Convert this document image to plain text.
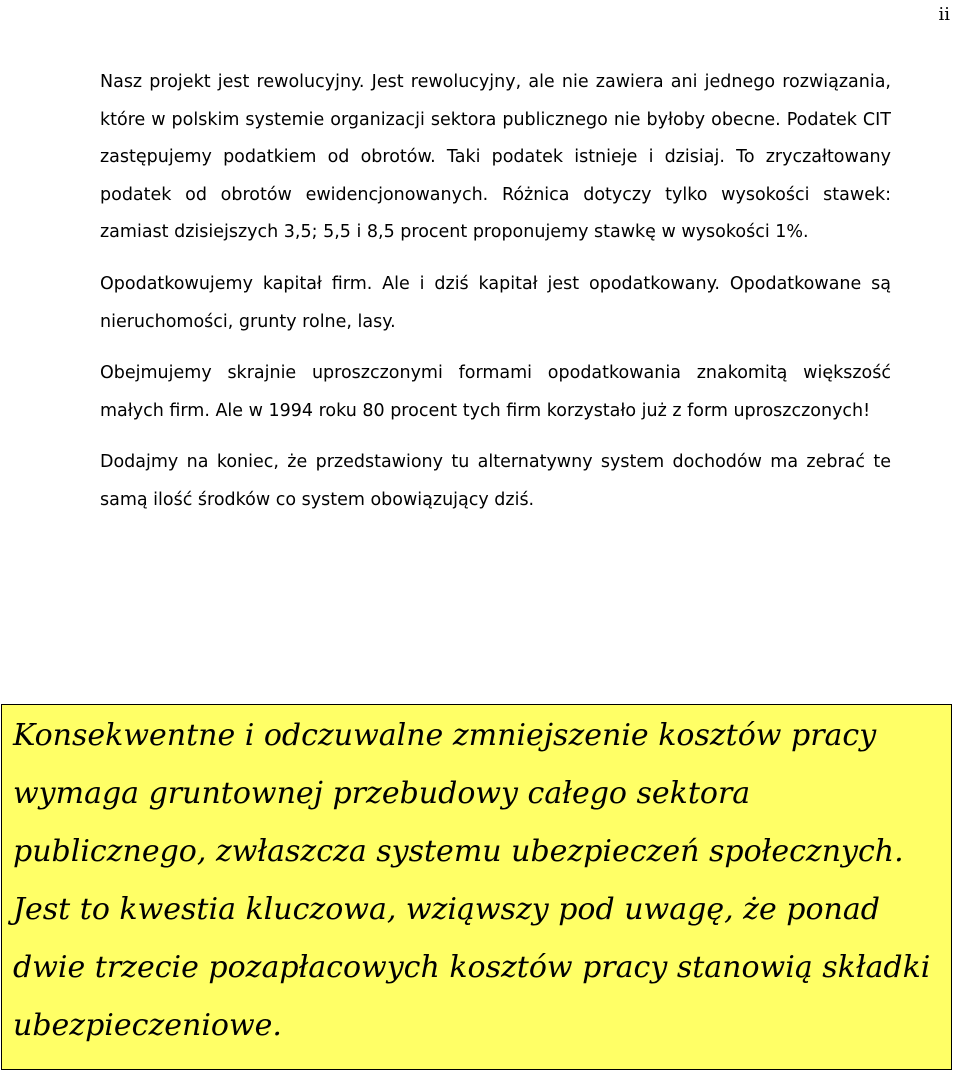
ii

Nasz projekt jest rewolucyjny. Jest rewolucyjny, ale nie zawiera ani jednego rozwiązania, które w polskim systemie organizacji sektora publicznego nie byłoby obecne. Podatek CIT zastępujemy podatkiem od obrotów. Taki podatek istnieje i dzisiaj. To zryczałtowany podatek od obrotów ewidencjonowanych. Różnica dotyczy tylko wysokości stawek: zamiast dzisiejszych 3,5; 5,5 i 8,5 procent proponujemy stawkę w wysokości 1%.

Opodatkowujemy kapitał firm. Ale i dziś kapitał jest opodatkowany. Opodatkowane są nieruchomości, grunty rolne, lasy.

Obejmujemy skrajnie uproszczonymi formami opodatkowania znakomitą większość małych firm. Ale w 1994 roku 80 procent tych firm korzystało już z form uproszczonych!

Dodajmy na koniec, że przedstawiony tu alternatywny system dochodów ma zebrać te samą ilość środków co system obowiązujący dziś.

Konsekwentne i odczuwalne zmniejszenie kosztów pracy wymaga gruntownej przebudowy całego sektora publicznego, zwłaszcza systemu ubezpieczeń społecznych. Jest to kwestia kluczowa, wziąwszy pod uwagę, że ponad dwie trzecie pozapłacowych kosztów pracy stanowią składki ubezpieczeniowe.
